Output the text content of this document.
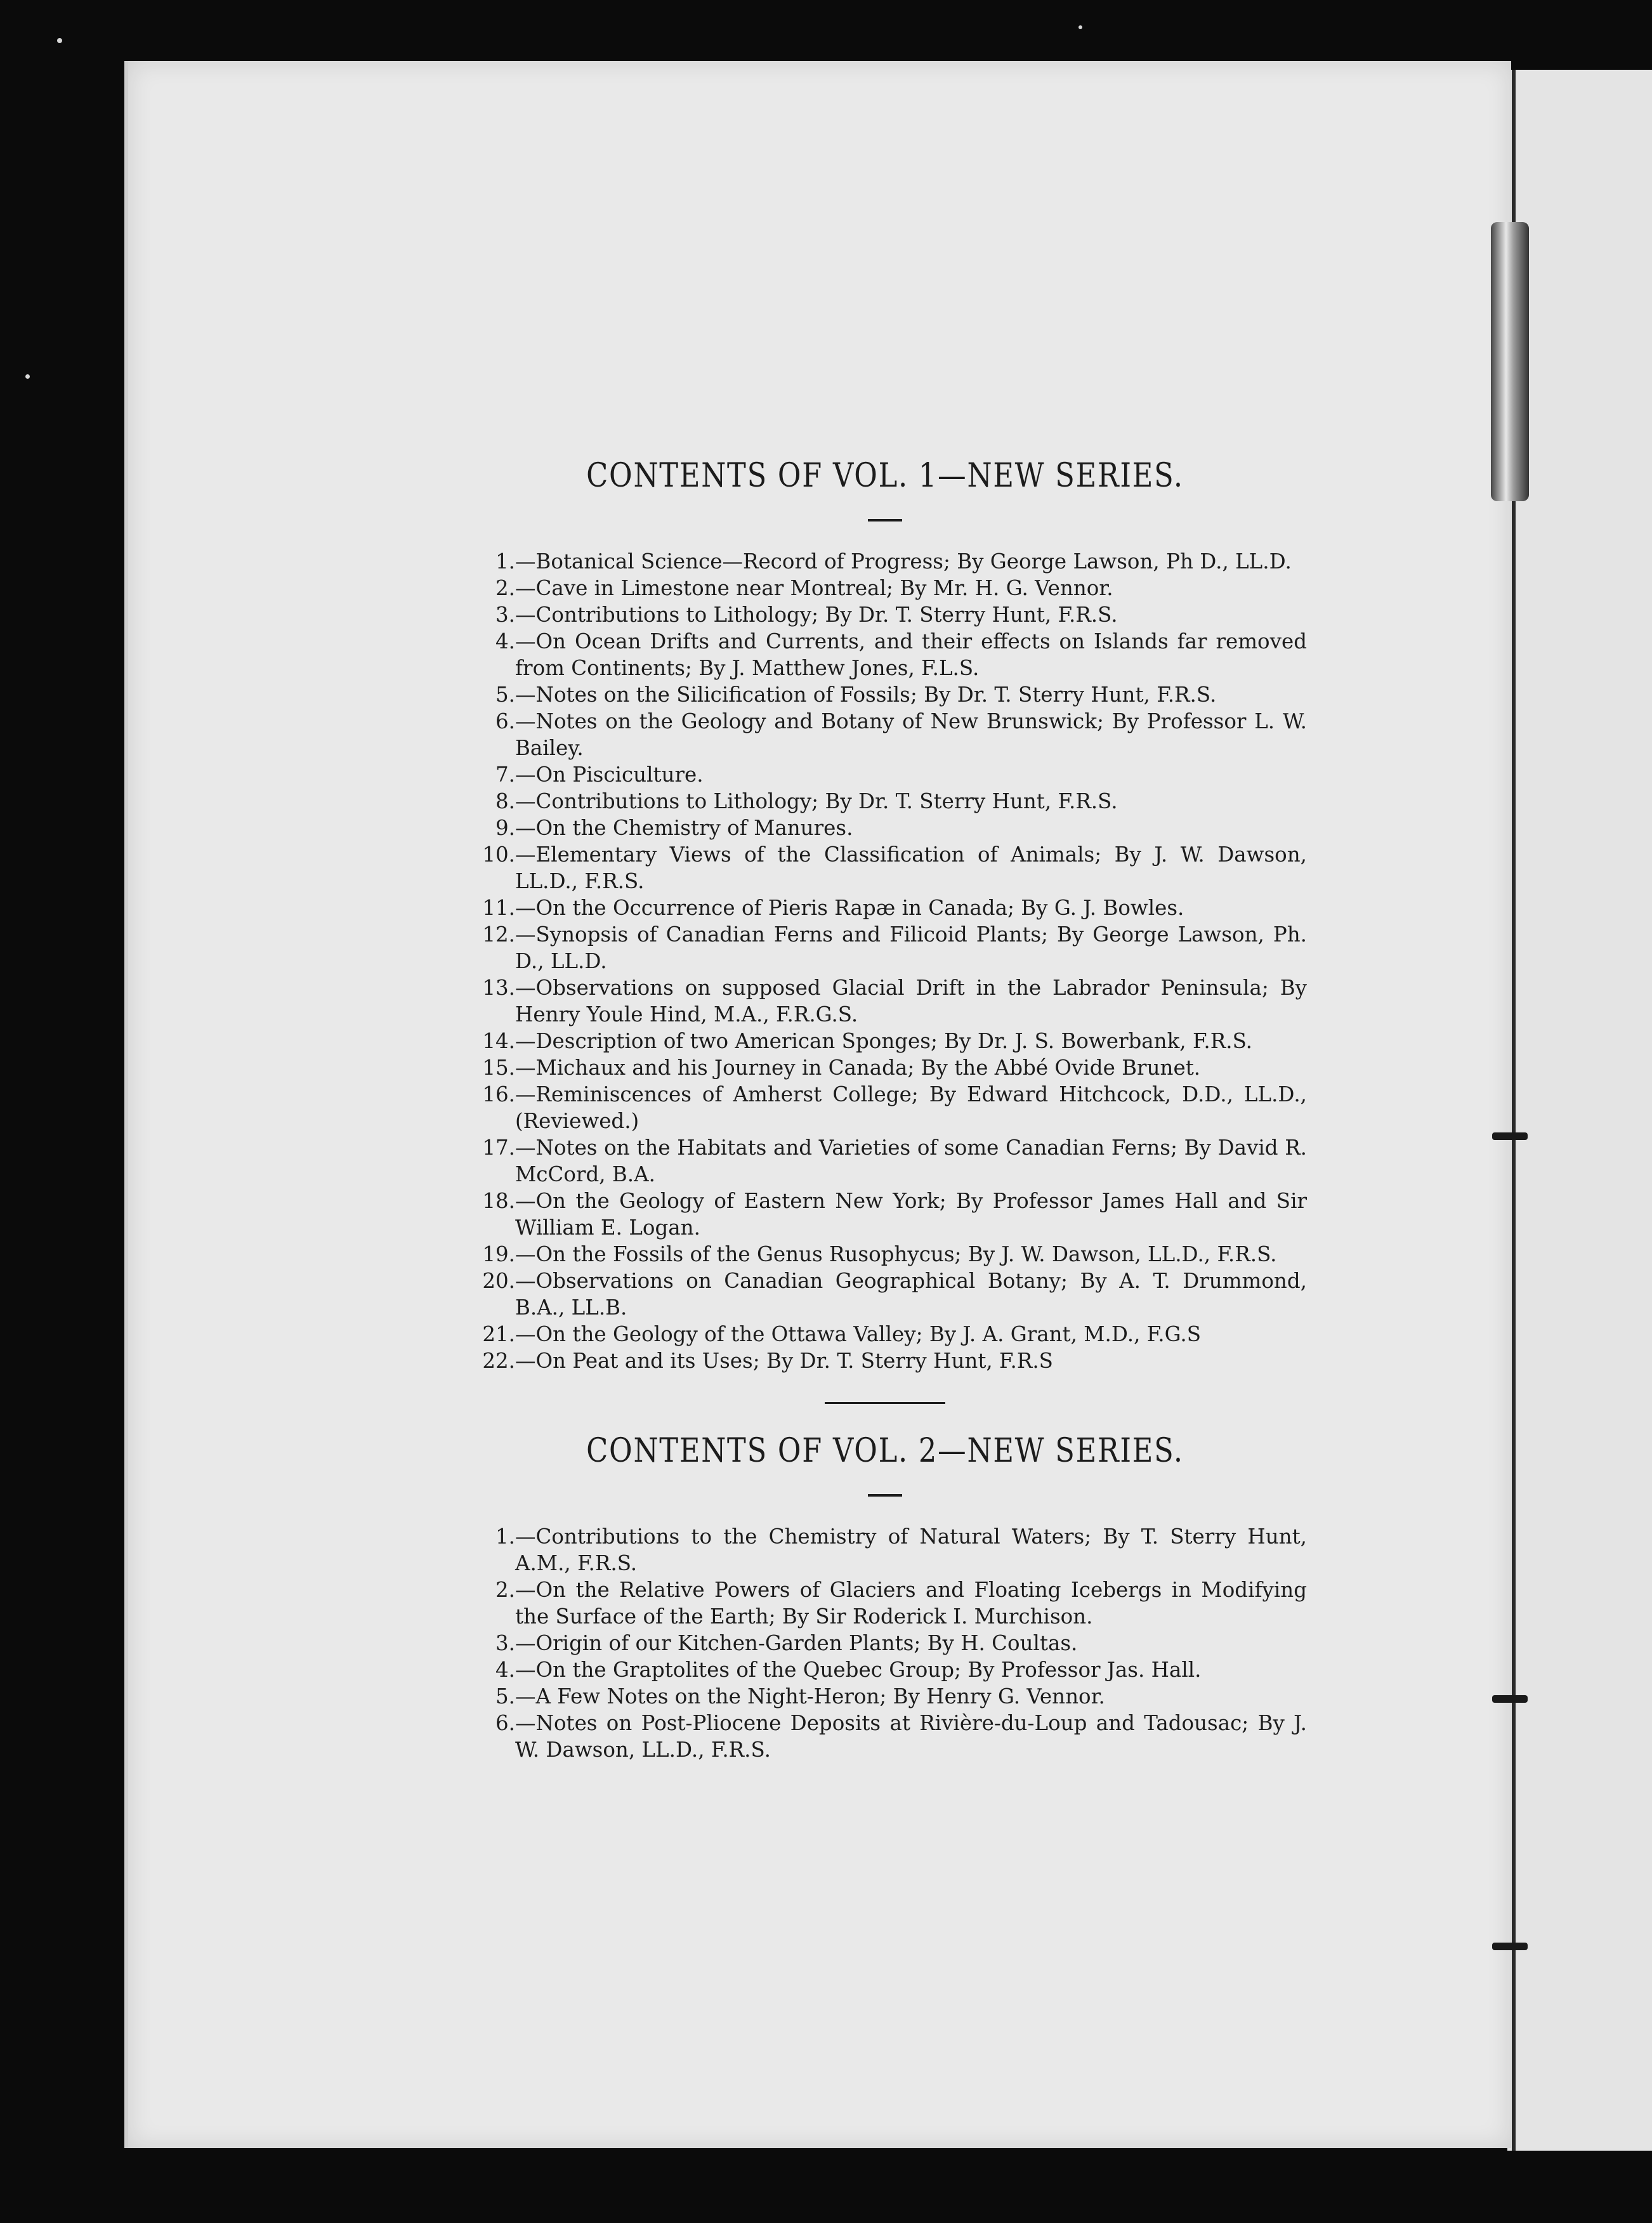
CONTENTS OF VOL. 1—NEW SERIES.
1. —Botanical Science—Record of Progress; By George Lawson, Ph D., LL.D.
2. —Cave in Limestone near Montreal; By Mr. H. G. Vennor.
3. —Contributions to Lithology; By Dr. T. Sterry Hunt, F.R.S.
4. —On Ocean Drifts and Currents, and their effects on Islands far removed from Continents; By J. Matthew Jones, F.L.S.
5. —Notes on the Silicification of Fossils; By Dr. T. Sterry Hunt, F.R.S.
6. —Notes on the Geology and Botany of New Brunswick; By Professor L. W. Bailey.
7. —On Pisciculture.
8. —Contributions to Lithology; By Dr. T. Sterry Hunt, F.R.S.
9. —On the Chemistry of Manures.
10. —Elementary Views of the Classification of Animals; By J. W. Dawson, LL.D., F.R.S.
11. —On the Occurrence of Pieris Rapæ in Canada; By G. J. Bowles.
12. —Synopsis of Canadian Ferns and Filicoid Plants; By George Lawson, Ph. D., LL.D.
13. —Observations on supposed Glacial Drift in the Labrador Peninsula; By Henry Youle Hind, M.A., F.R.G.S.
14. —Description of two American Sponges; By Dr. J. S. Bowerbank, F.R.S.
15. —Michaux and his Journey in Canada; By the Abbé Ovide Brunet.
16. —Reminiscences of Amherst College; By Edward Hitchcock, D.D., LL.D., (Reviewed.)
17. —Notes on the Habitats and Varieties of some Canadian Ferns; By David R. McCord, B.A.
18. —On the Geology of Eastern New York; By Professor James Hall and Sir William E. Logan.
19. —On the Fossils of the Genus Rusophycus; By J. W. Dawson, LL.D., F.R.S.
20. —Observations on Canadian Geographical Botany; By A. T. Drummond, B.A., LL.B.
21. —On the Geology of the Ottawa Valley; By J. A. Grant, M.D., F.G.S
22. —On Peat and its Uses; By Dr. T. Sterry Hunt, F.R.S
CONTENTS OF VOL. 2—NEW SERIES.
1. —Contributions to the Chemistry of Natural Waters; By T. Sterry Hunt, A.M., F.R.S.
2. —On the Relative Powers of Glaciers and Floating Icebergs in Modifying the Surface of the Earth; By Sir Roderick I. Murchison.
3. —Origin of our Kitchen-Garden Plants; By H. Coultas.
4. —On the Graptolites of the Quebec Group; By Professor Jas. Hall.
5. —A Few Notes on the Night-Heron; By Henry G. Vennor.
6. —Notes on Post-Pliocene Deposits at Rivière-du-Loup and Tadousac; By J. W. Dawson, LL.D., F.R.S.
